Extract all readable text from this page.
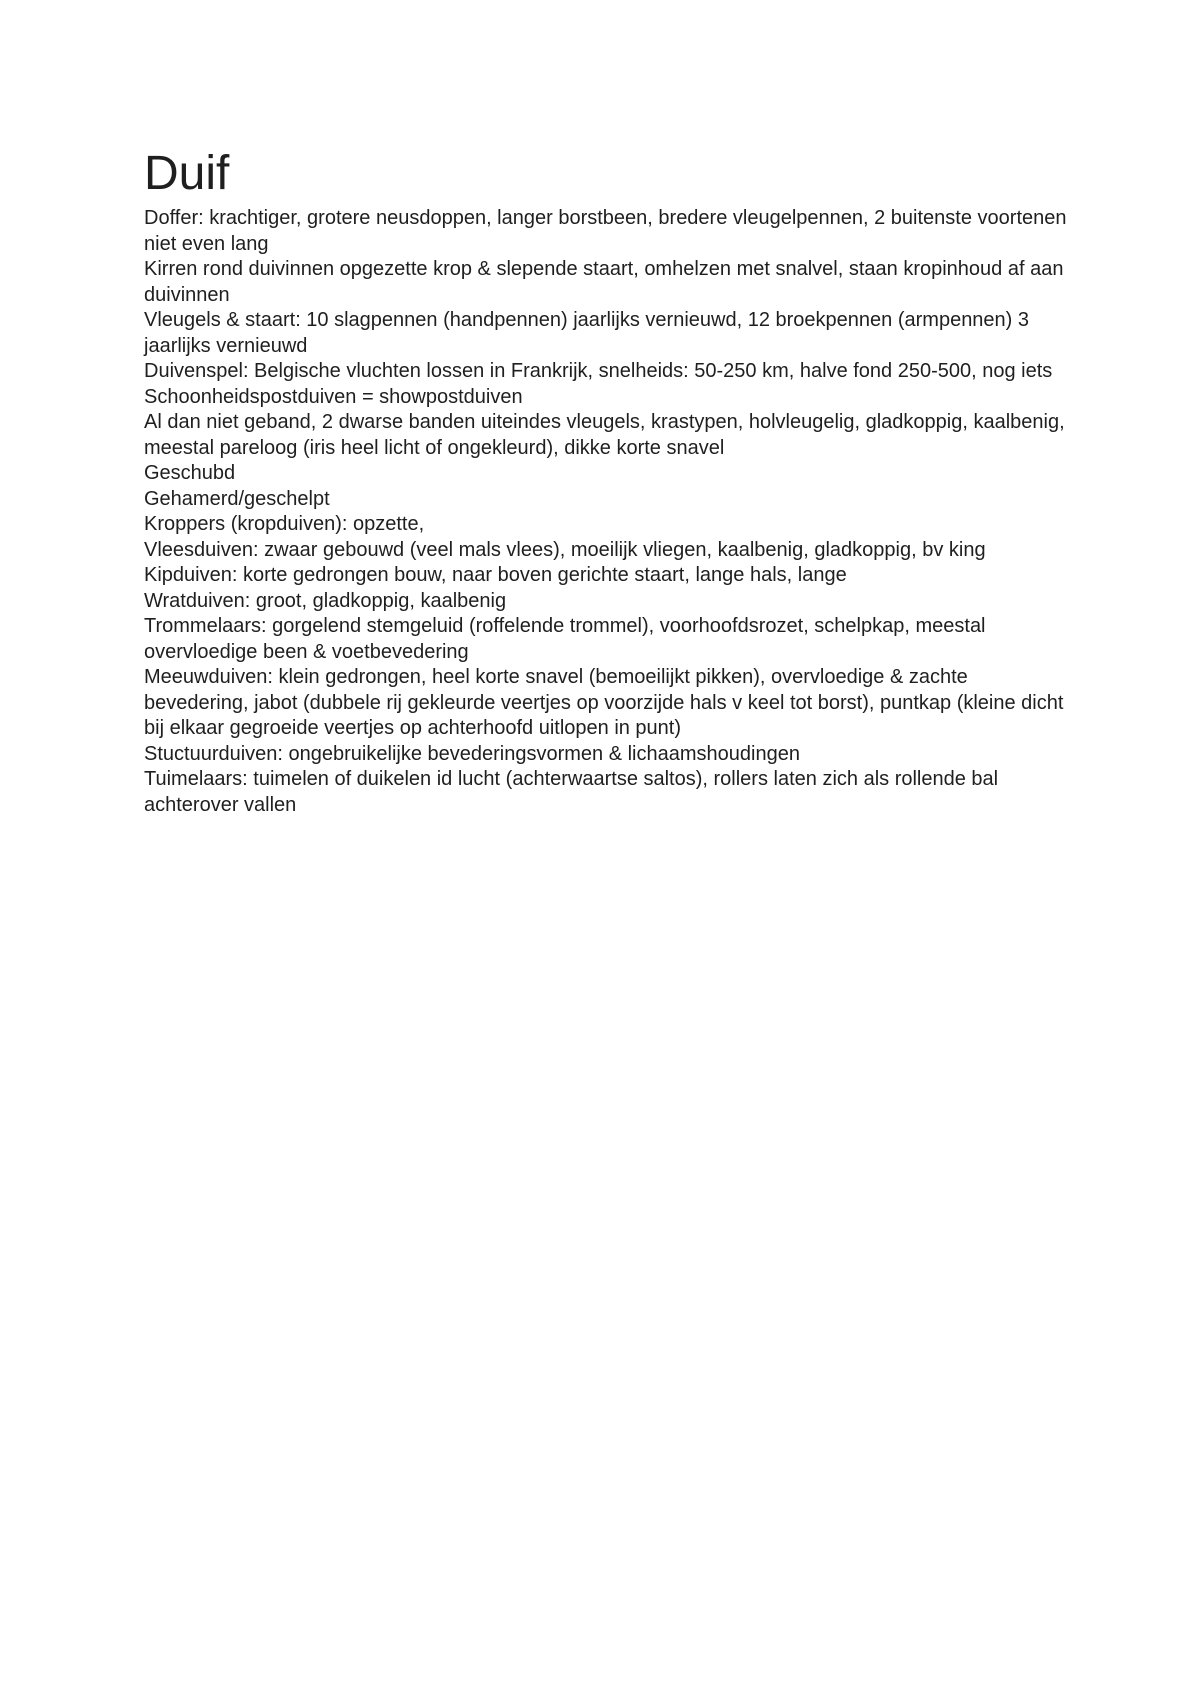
Duif
Doffer: krachtiger, grotere neusdoppen, langer borstbeen, bredere vleugelpennen, 2 buitenste voortenen niet even lang
Kirren rond duivinnen opgezette krop & slepende staart, omhelzen met snalvel, staan kropinhoud af aan duivinnen
Vleugels & staart: 10 slagpennen (handpennen) jaarlijks vernieuwd, 12 broekpennen (armpennen) 3 jaarlijks vernieuwd
Duivenspel: Belgische vluchten lossen in Frankrijk, snelheids: 50-250 km, halve fond 250-500, nog iets
Schoonheidspostduiven = showpostduiven
Al dan niet geband, 2 dwarse banden uiteindes vleugels, krastypen, holvleugelig, gladkoppig, kaalbenig, meestal pareloog (iris heel licht of ongekleurd), dikke korte snavel
Geschubd
Gehamerd/geschelpt
Kroppers (kropduiven): opzette,
Vleesduiven: zwaar gebouwd (veel mals vlees), moeilijk vliegen, kaalbenig, gladkoppig, bv king
Kipduiven: korte gedrongen bouw, naar boven gerichte staart, lange hals, lange
Wratduiven: groot, gladkoppig, kaalbenig
Trommelaars: gorgelend stemgeluid (roffelende trommel), voorhoofdsrozet, schelpkap, meestal overvloedige been & voetbevedering
Meeuwduiven: klein gedrongen, heel korte snavel (bemoeilijkt pikken), overvloedige & zachte bevedering, jabot (dubbele rij gekleurde veertjes op voorzijde hals v keel tot borst), puntkap (kleine dicht bij elkaar gegroeide veertjes op achterhoofd uitlopen in punt)
Stuctuurduiven: ongebruikelijke bevederingsvormen & lichaamshoudingen
Tuimelaars: tuimelen of duikelen id lucht (achterwaartse saltos), rollers laten zich als rollende bal achterover vallen
